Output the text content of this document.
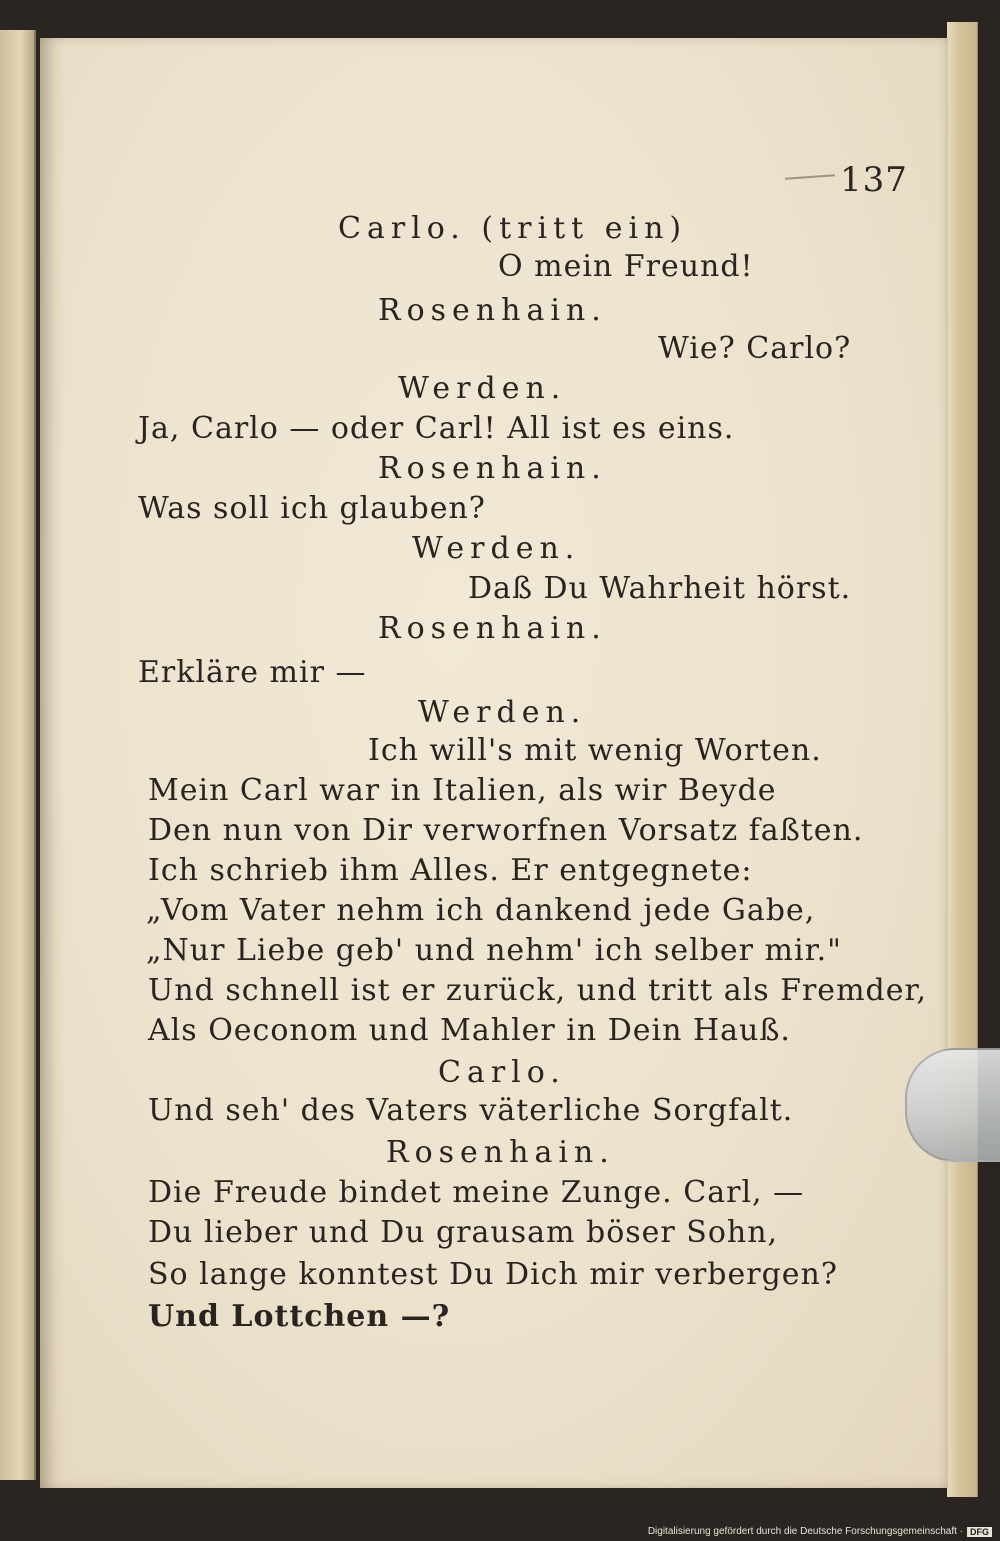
137
Carlo. (tritt ein)
O mein Freund!
Rosenhain.
Wie? Carlo?
Werden.
Ja, Carlo — oder Carl! All ist es eins.
Rosenhain.
Was soll ich glauben?
Werden.
Daß Du Wahrheit hörst.
Rosenhain.
Erkläre mir —
Werden.
Ich will's mit wenig Worten.
Mein Carl war in Italien, als wir Beyde
Den nun von Dir verworfnen Vorsatz faßten.
Ich schrieb ihm Alles. Er entgegnete:
„Vom Vater nehm ich dankend jede Gabe,
„Nur Liebe geb' und nehm' ich selber mir."
Und schnell ist er zurück, und tritt als Fremder,
Als Oeconom und Mahler in Dein Hauß.
Carlo.
Und seh' des Vaters väterliche Sorgfalt.
Rosenhain.
Die Freude bindet meine Zunge. Carl, —
Du lieber und Du grausam böser Sohn,
So lange konntest Du Dich mir verbergen?
Und Lottchen —?
Digitalisierung gefördert durch die Deutsche Forschungsgemeinschaft · DFG
